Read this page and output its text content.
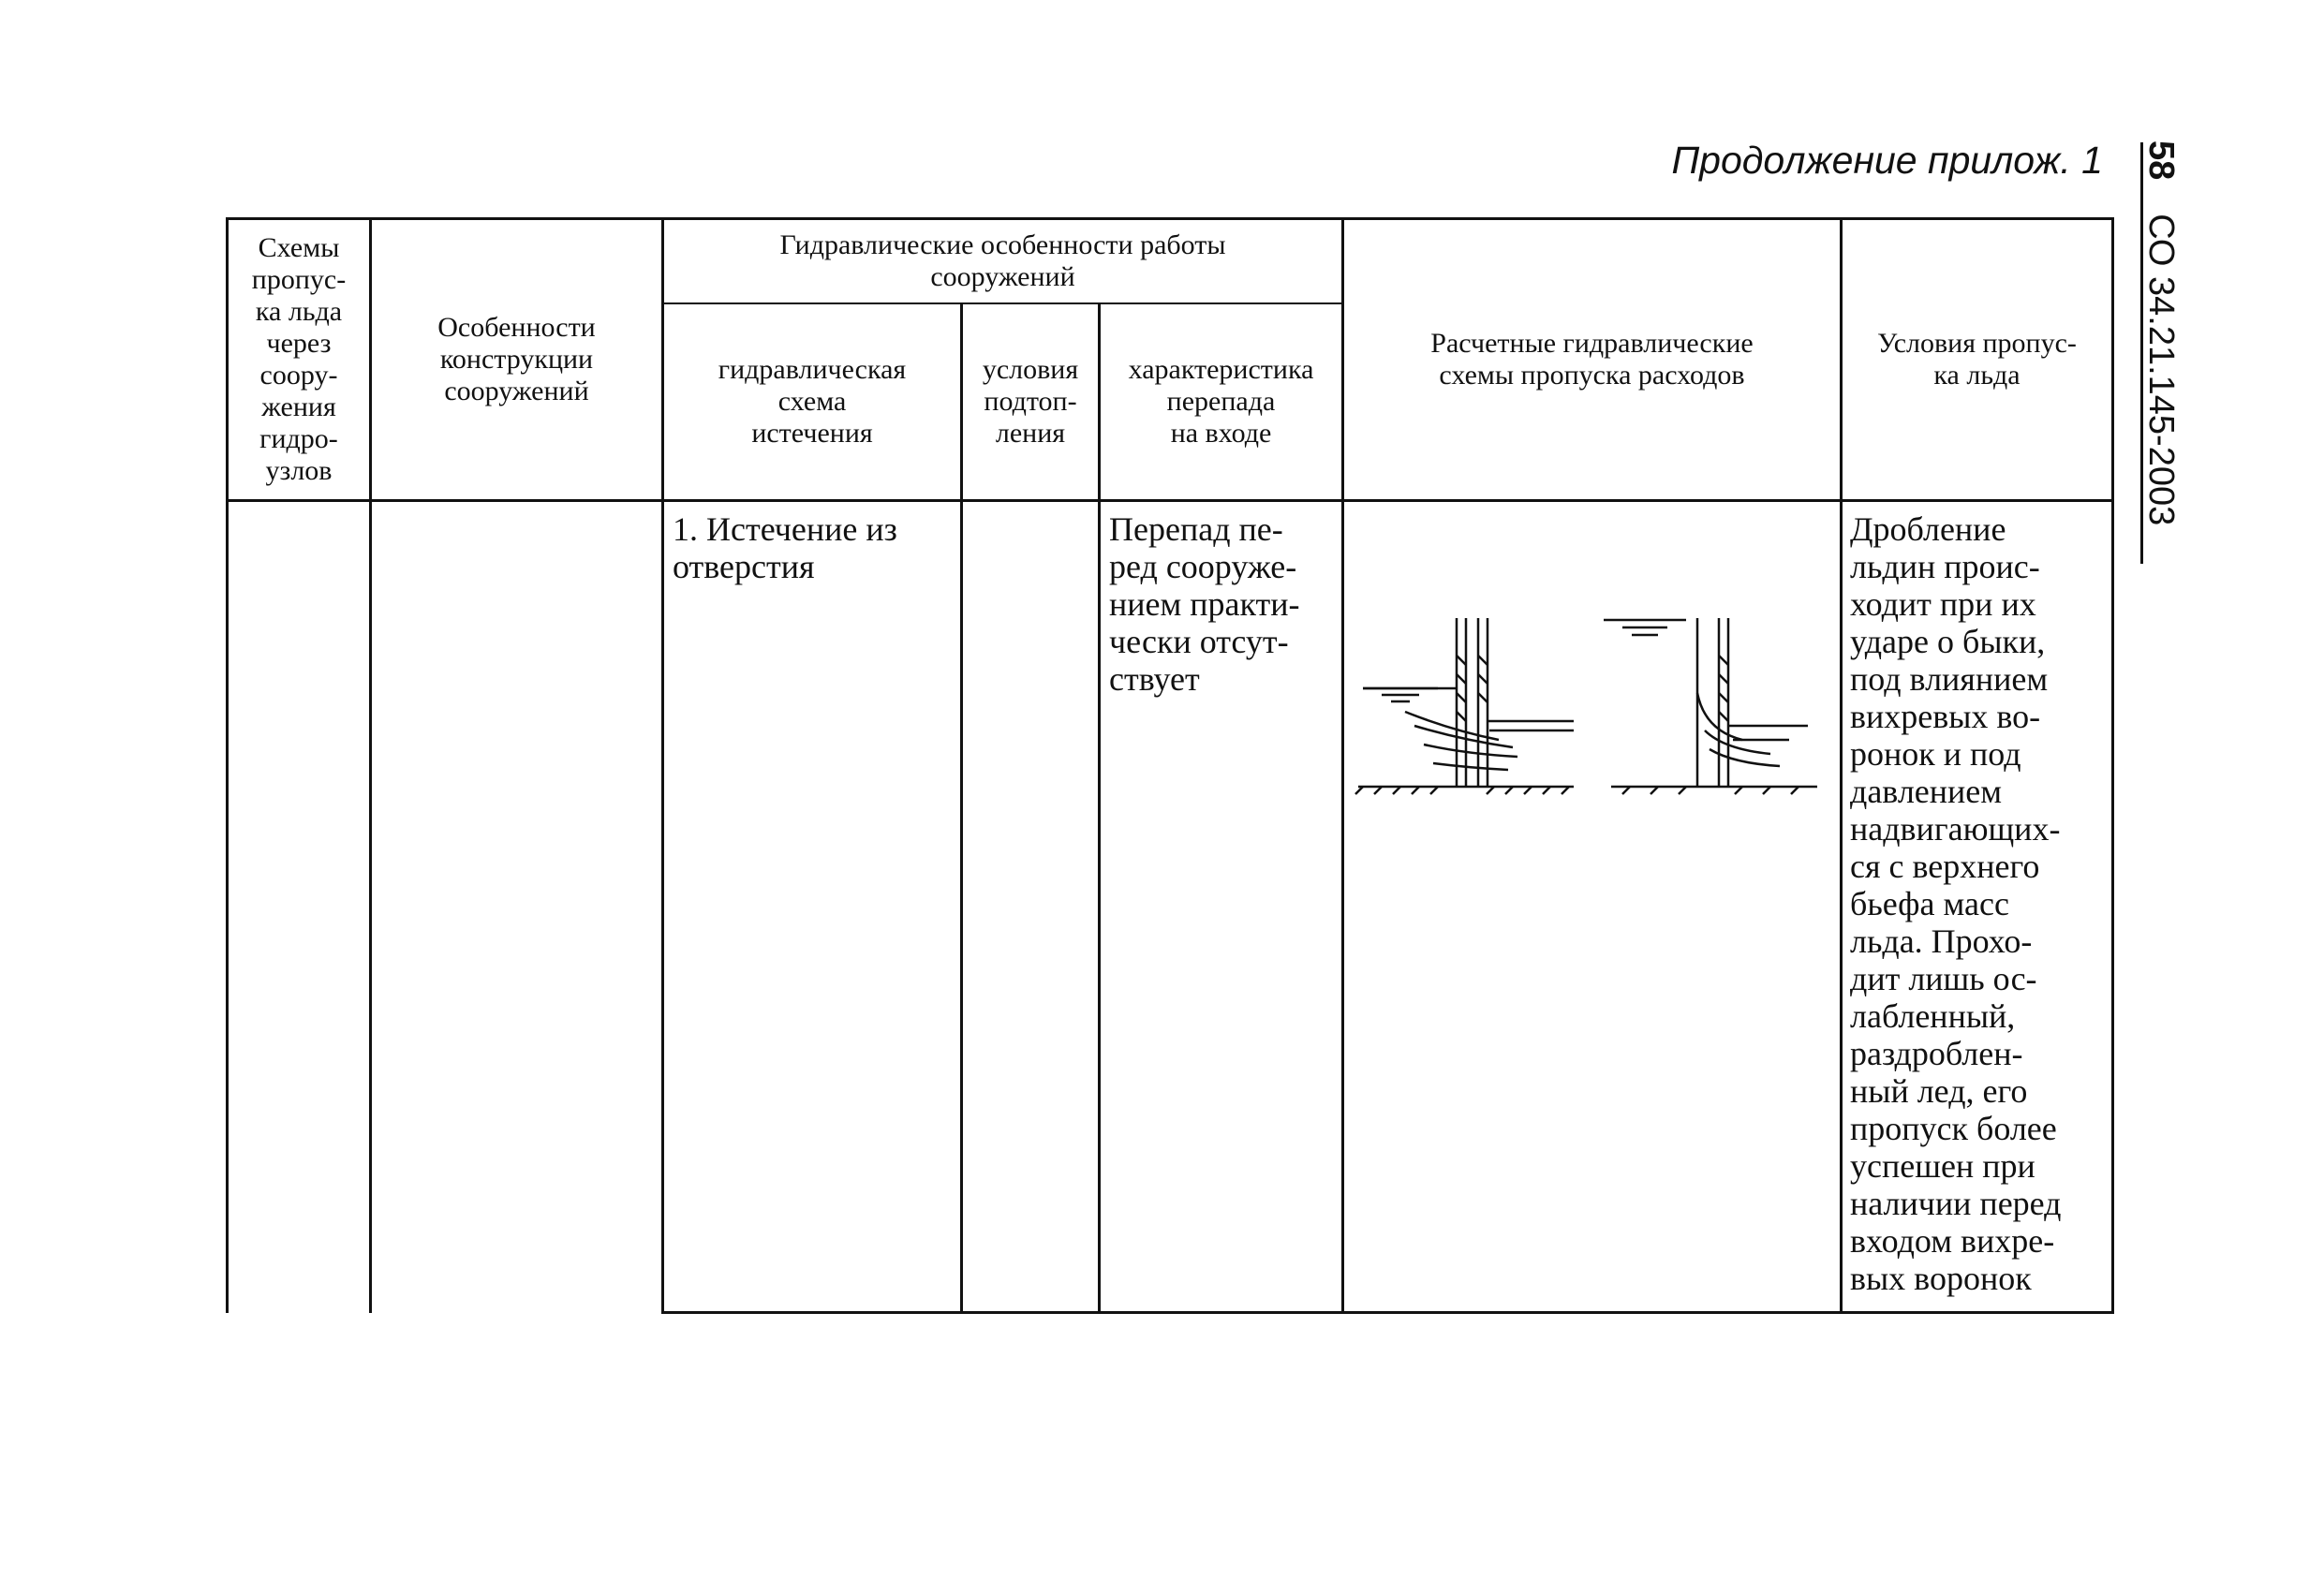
Продолжение прилож. 1 58СО 34.21.145-2003
Схемы
пропус-
ка льда
через
соору-
жения
гидро-
узлов
Особенности
конструкции
сооружений
Гидравлические особенности работы
сооружений
гидравлическая
схема
истечения
условия
подтоп-
ления
характеристика
перепада
на входе
Расчетные гидравлические
схемы пропуска расходов
Условия пропус-
ка льда
1. Истечение из
отверстия
Перепад пе-
ред сооруже-
нием практи-
чески отсут-
ствует
Дробление
льдин проис-
ходит при их
ударе о быки,
под влиянием
вихревых во-
ронок и под
давлением
надвигающих-
ся с верхнего
бьефа масс
льда. Прохо-
дит лишь ос-
лабленный,
раздроблен-
ный лед, его
пропуск более
успешен при
наличии перед
входом вихре-
вых воронок
